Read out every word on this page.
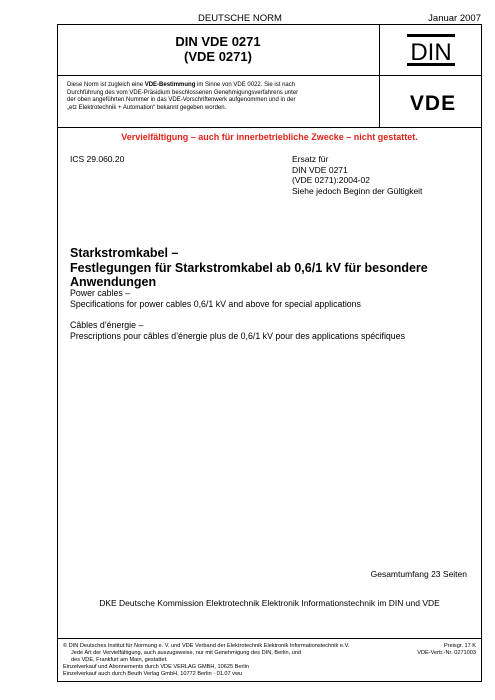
DEUTSCHE NORM	Januar 2007
DIN VDE 0271
(VDE 0271)	DIN
Diese Norm ist zugleich eine VDE-Bestimmung im Sinne von VDE 0022. Sie ist nach
Durchführung des vom VDE-Präsidium beschlossenen Genehmigungsverfahrens unter
der oben angeführten Nummer in das VDE-Vorschriftenwerk aufgenommen und in der
„etz Elektrotechnik + Automation“ bekannt gegeben worden.	VDE
Vervielfältigung – auch für innerbetriebliche Zwecke – nicht gestattet.
ICS 29.060.20	Ersatz für
DIN VDE 0271
(VDE 0271):2004-02
Siehe jedoch Beginn der Gültigkeit
Starkstromkabel –
Festlegungen für Starkstromkabel ab 0,6/1 kV für besondere
Anwendungen
Power cables –
Specifications for power cables 0,6/1 kV and above for special applications
Câbles d’énergie –
Prescriptions pour câbles d’énergie plus de 0,6/1 kV pour des applications spécifiques
Gesamtumfang 23 Seiten
DKE Deutsche Kommission Elektrotechnik Elektronik Informationstechnik im DIN und VDE
© DIN Deutsches Institut für Normung e. V. und VDE Verband der Elektrotechnik Elektronik Informationstechnik e.V.
Jede Art der Vervielfältigung, auch auszugsweise, nur mit Genehmigung des DIN, Berlin, und
des VDE, Frankfurt am Main, gestattet.
Einzelverkauf und Abonnements durch VDE VERLAG GMBH, 10625 Berlin
Einzelverkauf auch durch Beuth Verlag GmbH, 10772 Berlin · 01.07 vwu
Preisgr. 17 K
VDE-Vertr.-Nr. 0271003
